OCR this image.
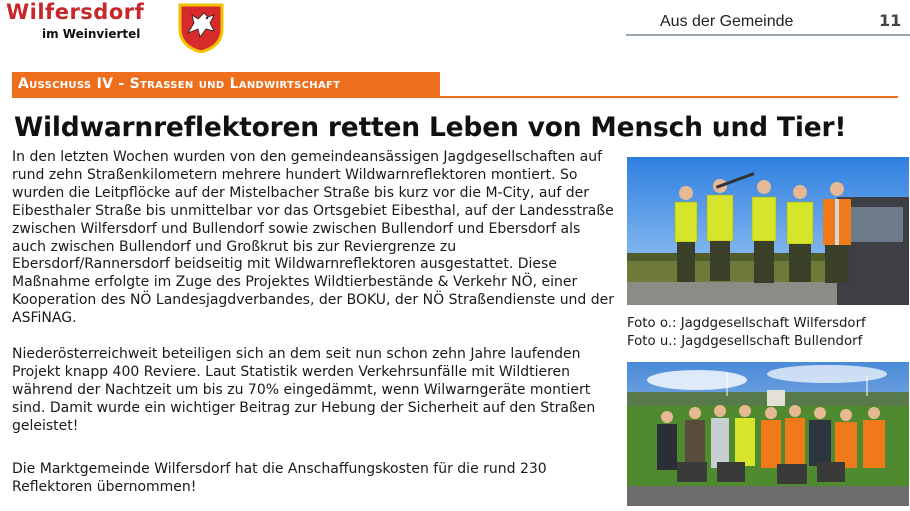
Wilfersdorf
im Weinviertel
Aus der Gemeinde	11
Ausschuss IV - Strassen und Landwirtschaft
Wildwarnreflektoren retten Leben von Mensch und Tier!

In den letzten Wochen wurden von den gemeindeansässigen Jagdgesellschaften auf rund zehn Straßenkilometern mehrere hundert Wildwarnreflektoren montiert. So wurden die Leitpflöcke auf der Mistelbacher Straße bis kurz vor die M-City, auf der Eibesthaler Straße bis unmittelbar vor das Ortsgebiet Eibesthal, auf der Landesstraße zwischen Wilfersdorf und Bullendorf sowie zwischen Bullendorf und Ebersdorf als auch zwischen Bullendorf und Großkrut bis zur Reviergrenze zu Ebersdorf/Rannersdorf beidseitig mit Wildwarnreflektoren ausgestattet. Diese Maßnahme erfolgte im Zuge des Projektes Wildtierbestände & Verkehr NÖ, einer Kooperation des NÖ Landesjagdverbandes, der BOKU, der NÖ Straßendienste und der ASFiNAG.

Niederösterreichweit beteiligen sich an dem seit nun schon zehn Jahre laufenden Projekt knapp 400 Reviere. Laut Statistik werden Verkehrsunfälle mit Wildtieren während der Nachtzeit um bis zu 70% eingedämmt, wenn Wilwarngeräte montiert sind. Damit wurde ein wichtiger Beitrag zur Hebung der Sicherheit auf den Straßen geleistet!

Die Marktgemeinde Wilfersdorf hat die Anschaffungskosten für die rund 230 Reflektoren übernommen!

Foto o.: Jagdgesellschaft Wilfersdorf
Foto u.: Jagdgesellschaft Bullendorf
